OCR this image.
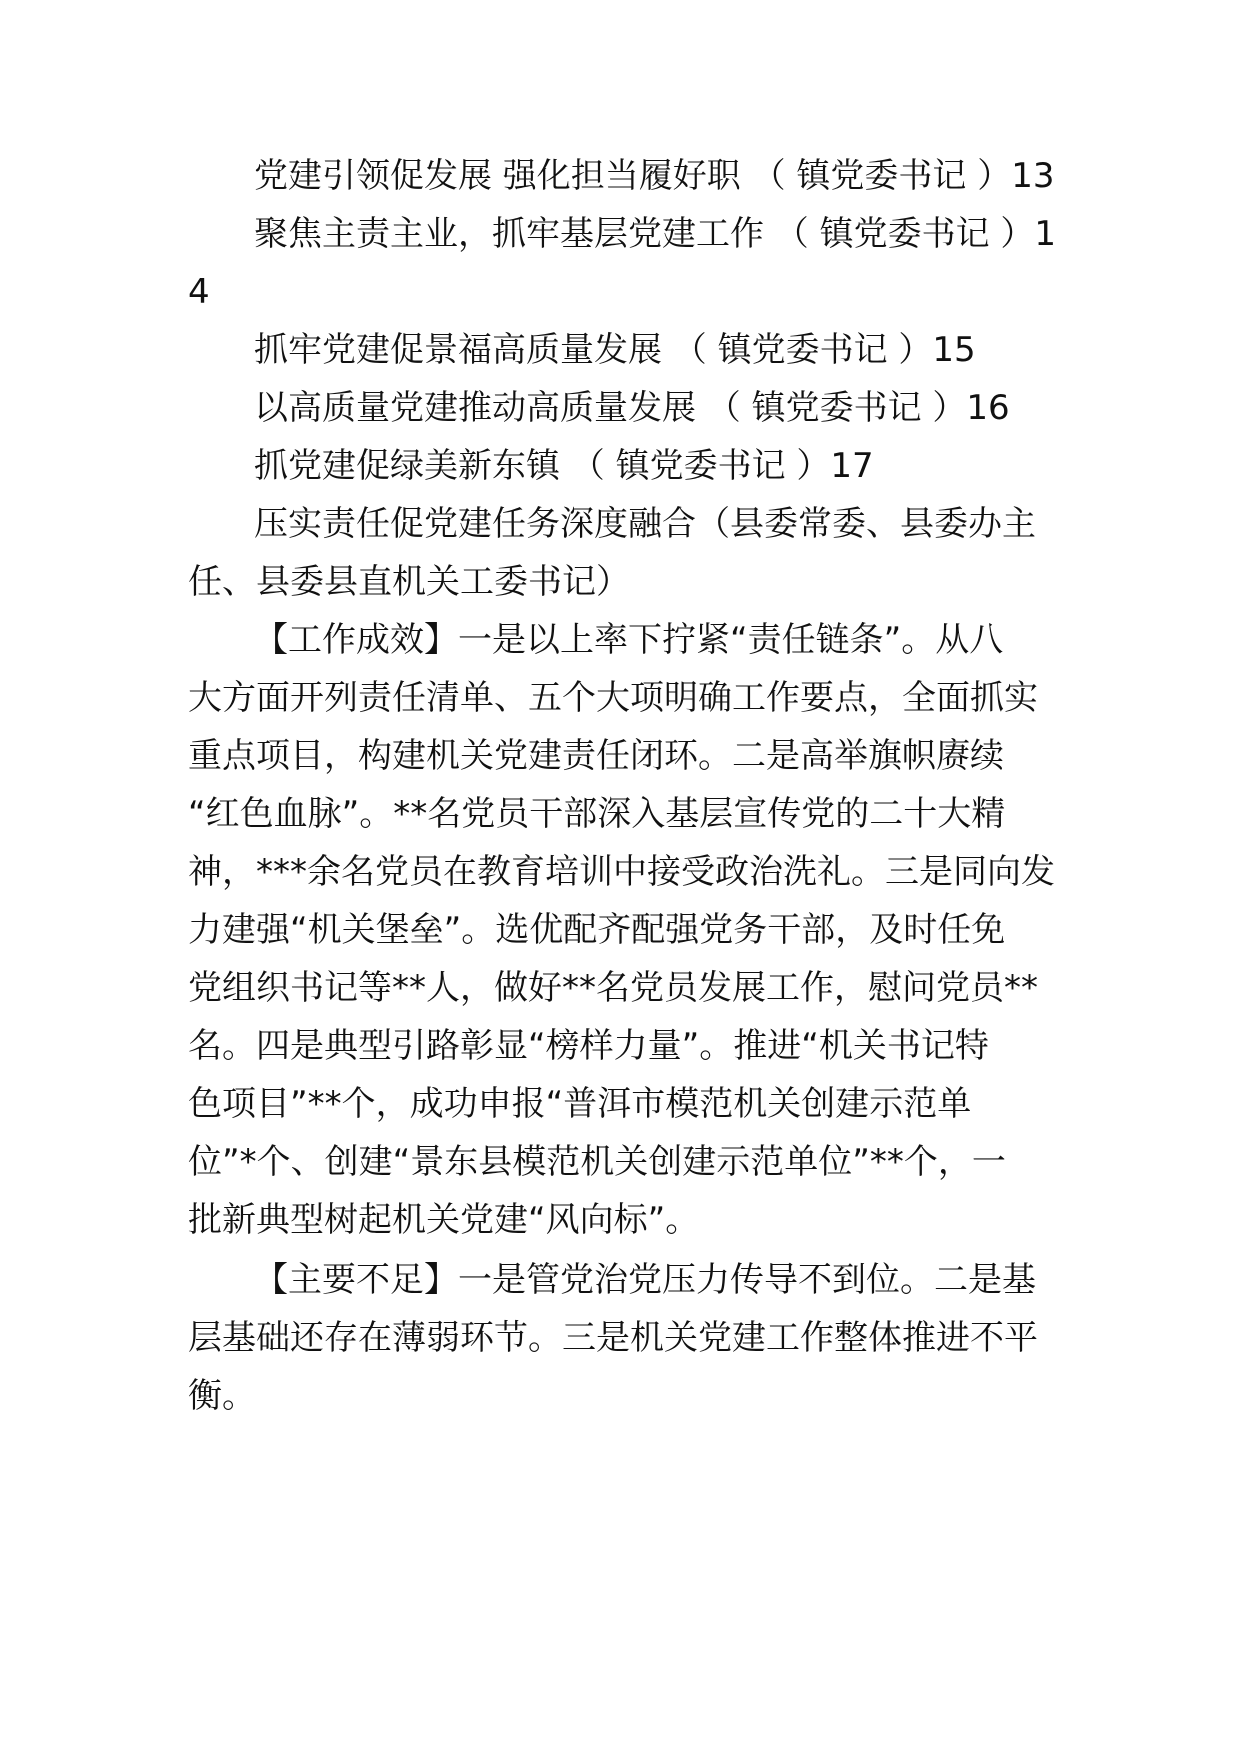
党建引领促发展 强化担当履好职 （ 镇党委书记 ）13
聚焦主责主业，抓牢基层党建工作 （ 镇党委书记 ）1
4
抓牢党建促景福高质量发展 （ 镇党委书记 ）15
以高质量党建推动高质量发展 （ 镇党委书记 ）16
抓党建促绿美新东镇 （ 镇党委书记 ）17
压实责任促党建任务深度融合（县委常委、县委办主
任、县委县直机关工委书记）
【工作成效】一是以上率下拧紧“责任链条”。从八
大方面开列责任清单、五个大项明确工作要点，全面抓实
重点项目，构建机关党建责任闭环。二是高举旗帜赓续
“红色血脉”。**名党员干部深入基层宣传党的二十大精
神，***余名党员在教育培训中接受政治洗礼。三是同向发
力建强“机关堡垒”。选优配齐配强党务干部，及时任免
党组织书记等**人，做好**名党员发展工作，慰问党员**
名。四是典型引路彰显“榜样力量”。推进“机关书记特
色项目”**个，成功申报“普洱市模范机关创建示范单
位”*个、创建“景东县模范机关创建示范单位”**个，一
批新典型树起机关党建“风向标”。
【主要不足】一是管党治党压力传导不到位。二是基
层基础还存在薄弱环节。三是机关党建工作整体推进不平
衡。
